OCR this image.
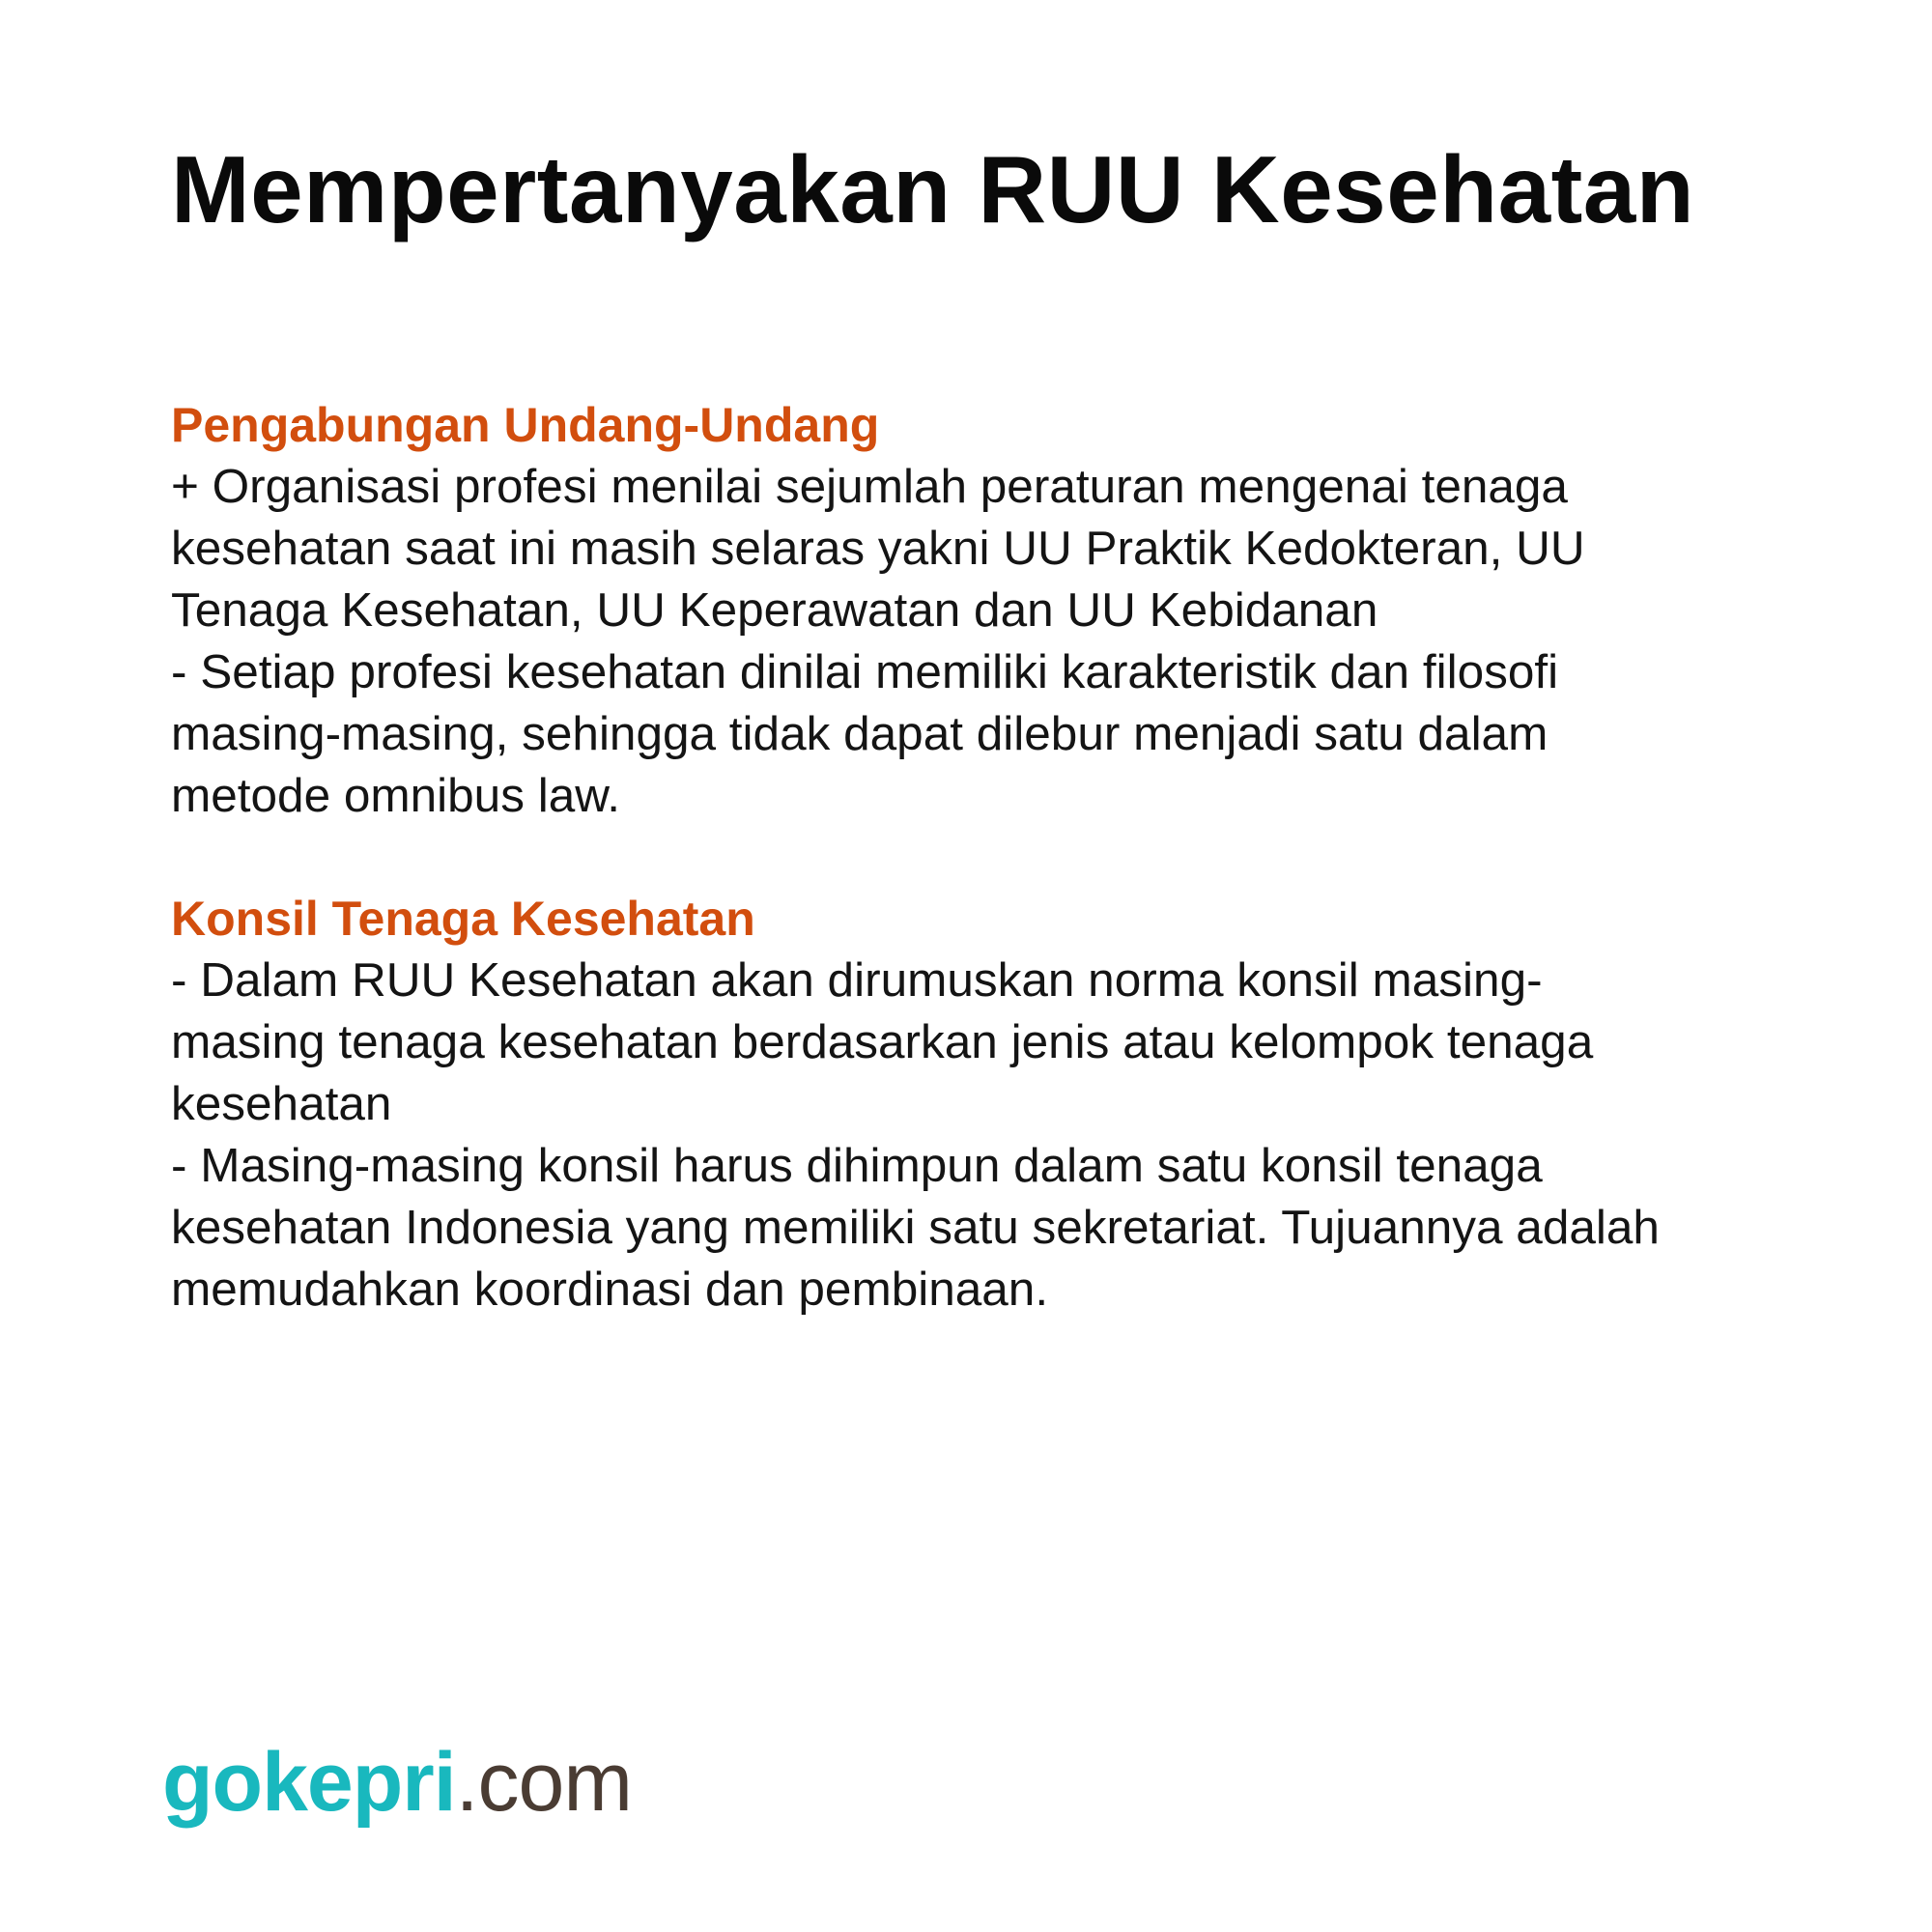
Mempertanyakan RUU Kesehatan

Pengabungan Undang-Undang

+ Organisasi profesi menilai sejumlah peraturan mengenai tenaga

kesehatan saat ini masih selaras yakni UU Praktik Kedokteran, UU

Tenaga Kesehatan, UU Keperawatan dan UU Kebidanan

- Setiap profesi kesehatan dinilai memiliki karakteristik dan filosofi

masing-masing, sehingga tidak dapat dilebur menjadi satu dalam

metode omnibus law.

Konsil Tenaga Kesehatan

- Dalam RUU Kesehatan akan dirumuskan norma konsil masing-

masing tenaga kesehatan berdasarkan jenis atau kelompok tenaga

kesehatan

- Masing-masing konsil harus dihimpun dalam satu konsil tenaga

kesehatan Indonesia yang memiliki satu sekretariat. Tujuannya adalah

memudahkan koordinasi dan pembinaan.

gokepri.com
